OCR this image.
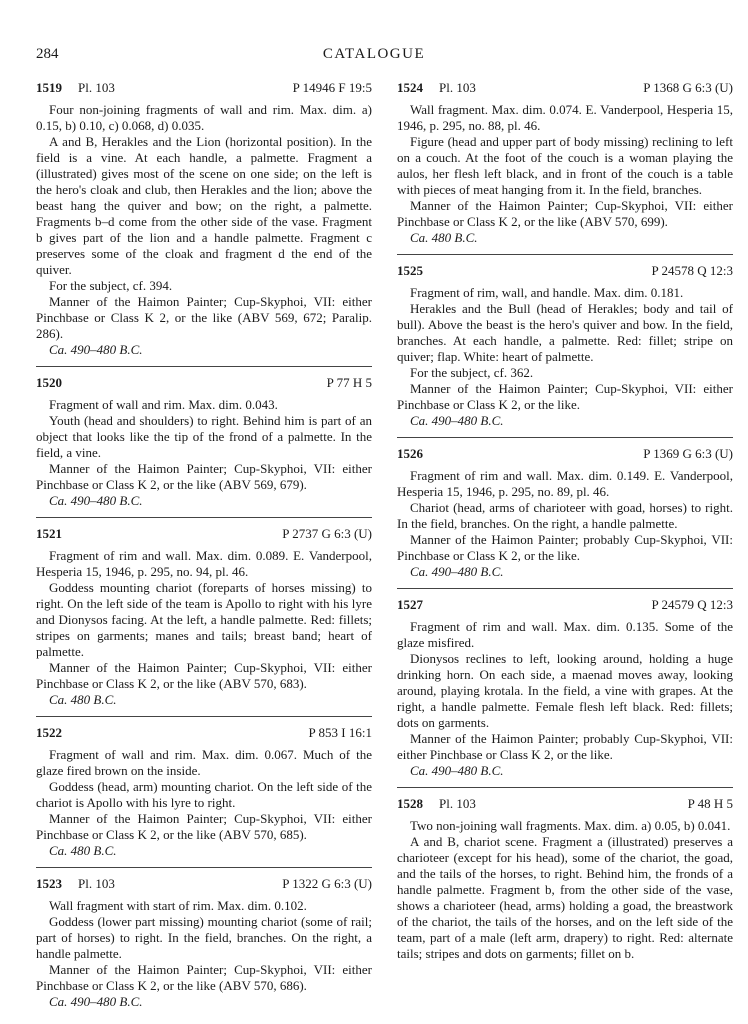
284	CATALOGUE
1519 Pl. 103	P 14946 F 19:5

Four non-joining fragments of wall and rim. Max. dim. a) 0.15, b) 0.10, c) 0.068, d) 0.035.

A and B, Herakles and the Lion (horizontal position). In the field is a vine. At each handle, a palmette. Fragment a (illustrated) gives most of the scene on one side; on the left is the hero's cloak and club, then Herakles and the lion; above the beast hang the quiver and bow; on the right, a palmette. Fragments b–d come from the other side of the vase. Fragment b gives part of the lion and a handle palmette. Fragment c preserves some of the cloak and fragment d the end of the quiver.

For the subject, cf. 394.

Manner of the Haimon Painter; Cup-Skyphoi, VII: either Pinchbase or Class K 2, or the like (ABV 569, 672; Paralip. 286).

Ca. 490–480 B.C.

1520	P 77 H 5

Fragment of wall and rim. Max. dim. 0.043.

Youth (head and shoulders) to right. Behind him is part of an object that looks like the tip of the frond of a palmette. In the field, a vine.

Manner of the Haimon Painter; Cup-Skyphoi, VII: either Pinchbase or Class K 2, or the like (ABV 569, 679).

Ca. 490–480 B.C.

1521	P 2737 G 6:3 (U)

Fragment of rim and wall. Max. dim. 0.089. E. Vanderpool, Hesperia 15, 1946, p. 295, no. 94, pl. 46.

Goddess mounting chariot (foreparts of horses missing) to right. On the left side of the team is Apollo to right with his lyre and Dionysos facing. At the left, a handle palmette. Red: fillets; stripes on garments; manes and tails; breast band; heart of palmette.

Manner of the Haimon Painter; Cup-Skyphoi, VII: either Pinchbase or Class K 2, or the like (ABV 570, 683).

Ca. 480 B.C.

1522	P 853 I 16:1

Fragment of wall and rim. Max. dim. 0.067. Much of the glaze fired brown on the inside.

Goddess (head, arm) mounting chariot. On the left side of the chariot is Apollo with his lyre to right.

Manner of the Haimon Painter; Cup-Skyphoi, VII: either Pinchbase or Class K 2, or the like (ABV 570, 685).

Ca. 480 B.C.

1523 Pl. 103	P 1322 G 6:3 (U)

Wall fragment with start of rim. Max. dim. 0.102.

Goddess (lower part missing) mounting chariot (some of rail; part of horses) to right. In the field, branches. On the right, a handle palmette.

Manner of the Haimon Painter; Cup-Skyphoi, VII: either Pinchbase or Class K 2, or the like (ABV 570, 686).

Ca. 490–480 B.C.

1524 Pl. 103	P 1368 G 6:3 (U)

Wall fragment. Max. dim. 0.074. E. Vanderpool, Hesperia 15, 1946, p. 295, no. 88, pl. 46.

Figure (head and upper part of body missing) reclining to left on a couch. At the foot of the couch is a woman playing the aulos, her flesh left black, and in front of the couch is a table with pieces of meat hanging from it. In the field, branches.

Manner of the Haimon Painter; Cup-Skyphoi, VII: either Pinchbase or Class K 2, or the like (ABV 570, 699).

Ca. 480 B.C.

1525	P 24578 Q 12:3

Fragment of rim, wall, and handle. Max. dim. 0.181.

Herakles and the Bull (head of Herakles; body and tail of bull). Above the beast is the hero's quiver and bow. In the field, branches. At each handle, a palmette. Red: fillet; stripe on quiver; flap. White: heart of palmette.

For the subject, cf. 362.

Manner of the Haimon Painter; Cup-Skyphoi, VII: either Pinchbase or Class K 2, or the like.

Ca. 490–480 B.C.

1526	P 1369 G 6:3 (U)

Fragment of rim and wall. Max. dim. 0.149. E. Vanderpool, Hesperia 15, 1946, p. 295, no. 89, pl. 46.

Chariot (head, arms of charioteer with goad, horses) to right. In the field, branches. On the right, a handle palmette.

Manner of the Haimon Painter; probably Cup-Skyphoi, VII: Pinchbase or Class K 2, or the like.

Ca. 490–480 B.C.

1527	P 24579 Q 12:3

Fragment of rim and wall. Max. dim. 0.135. Some of the glaze misfired.

Dionysos reclines to left, looking around, holding a huge drinking horn. On each side, a maenad moves away, looking around, playing krotala. In the field, a vine with grapes. At the right, a handle palmette. Female flesh left black. Red: fillets; dots on garments.

Manner of the Haimon Painter; probably Cup-Skyphoi, VII: either Pinchbase or Class K 2, or the like.

Ca. 490–480 B.C.

1528 Pl. 103	P 48 H 5

Two non-joining wall fragments. Max. dim. a) 0.05, b) 0.041.

A and B, chariot scene. Fragment a (illustrated) preserves a charioteer (except for his head), some of the chariot, the goad, and the tails of the horses, to right. Behind him, the fronds of a handle palmette. Fragment b, from the other side of the vase, shows a charioteer (head, arms) holding a goad, the breastwork of the chariot, the tails of the horses, and on the left side of the team, part of a male (left arm, drapery) to right. Red: alternate tails; stripes and dots on garments; fillet on b.
